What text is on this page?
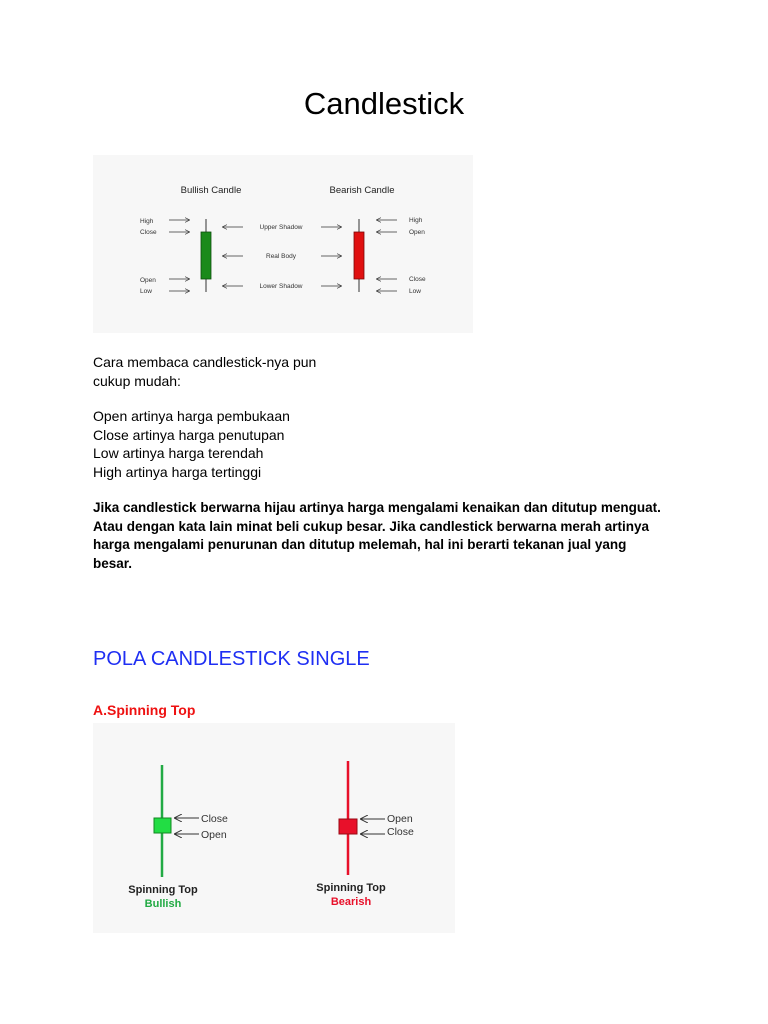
Candlestick
Bullish Candle	Bearish Candle
High
Close
Open
Low
Upper Shadow
Real Body
Lower Shadow
High
Open
Close
Low
Cara membaca candlestick-nya pun cukup mudah:
Open artinya harga pembukaan
Close artinya harga penutupan
Low artinya harga terendah
High artinya harga tertinggi
Jika candlestick berwarna hijau artinya harga mengalami kenaikan dan ditutup menguat. Atau dengan kata lain minat beli cukup besar. Jika candlestick berwarna merah artinya harga mengalami penurunan dan ditutup melemah, hal ini berarti tekanan jual yang besar.
POLA CANDLESTICK SINGLE
A.Spinning Top
Close
Open
Spinning Top
Bullish
Open
Close
Spinning Top
Bearish
